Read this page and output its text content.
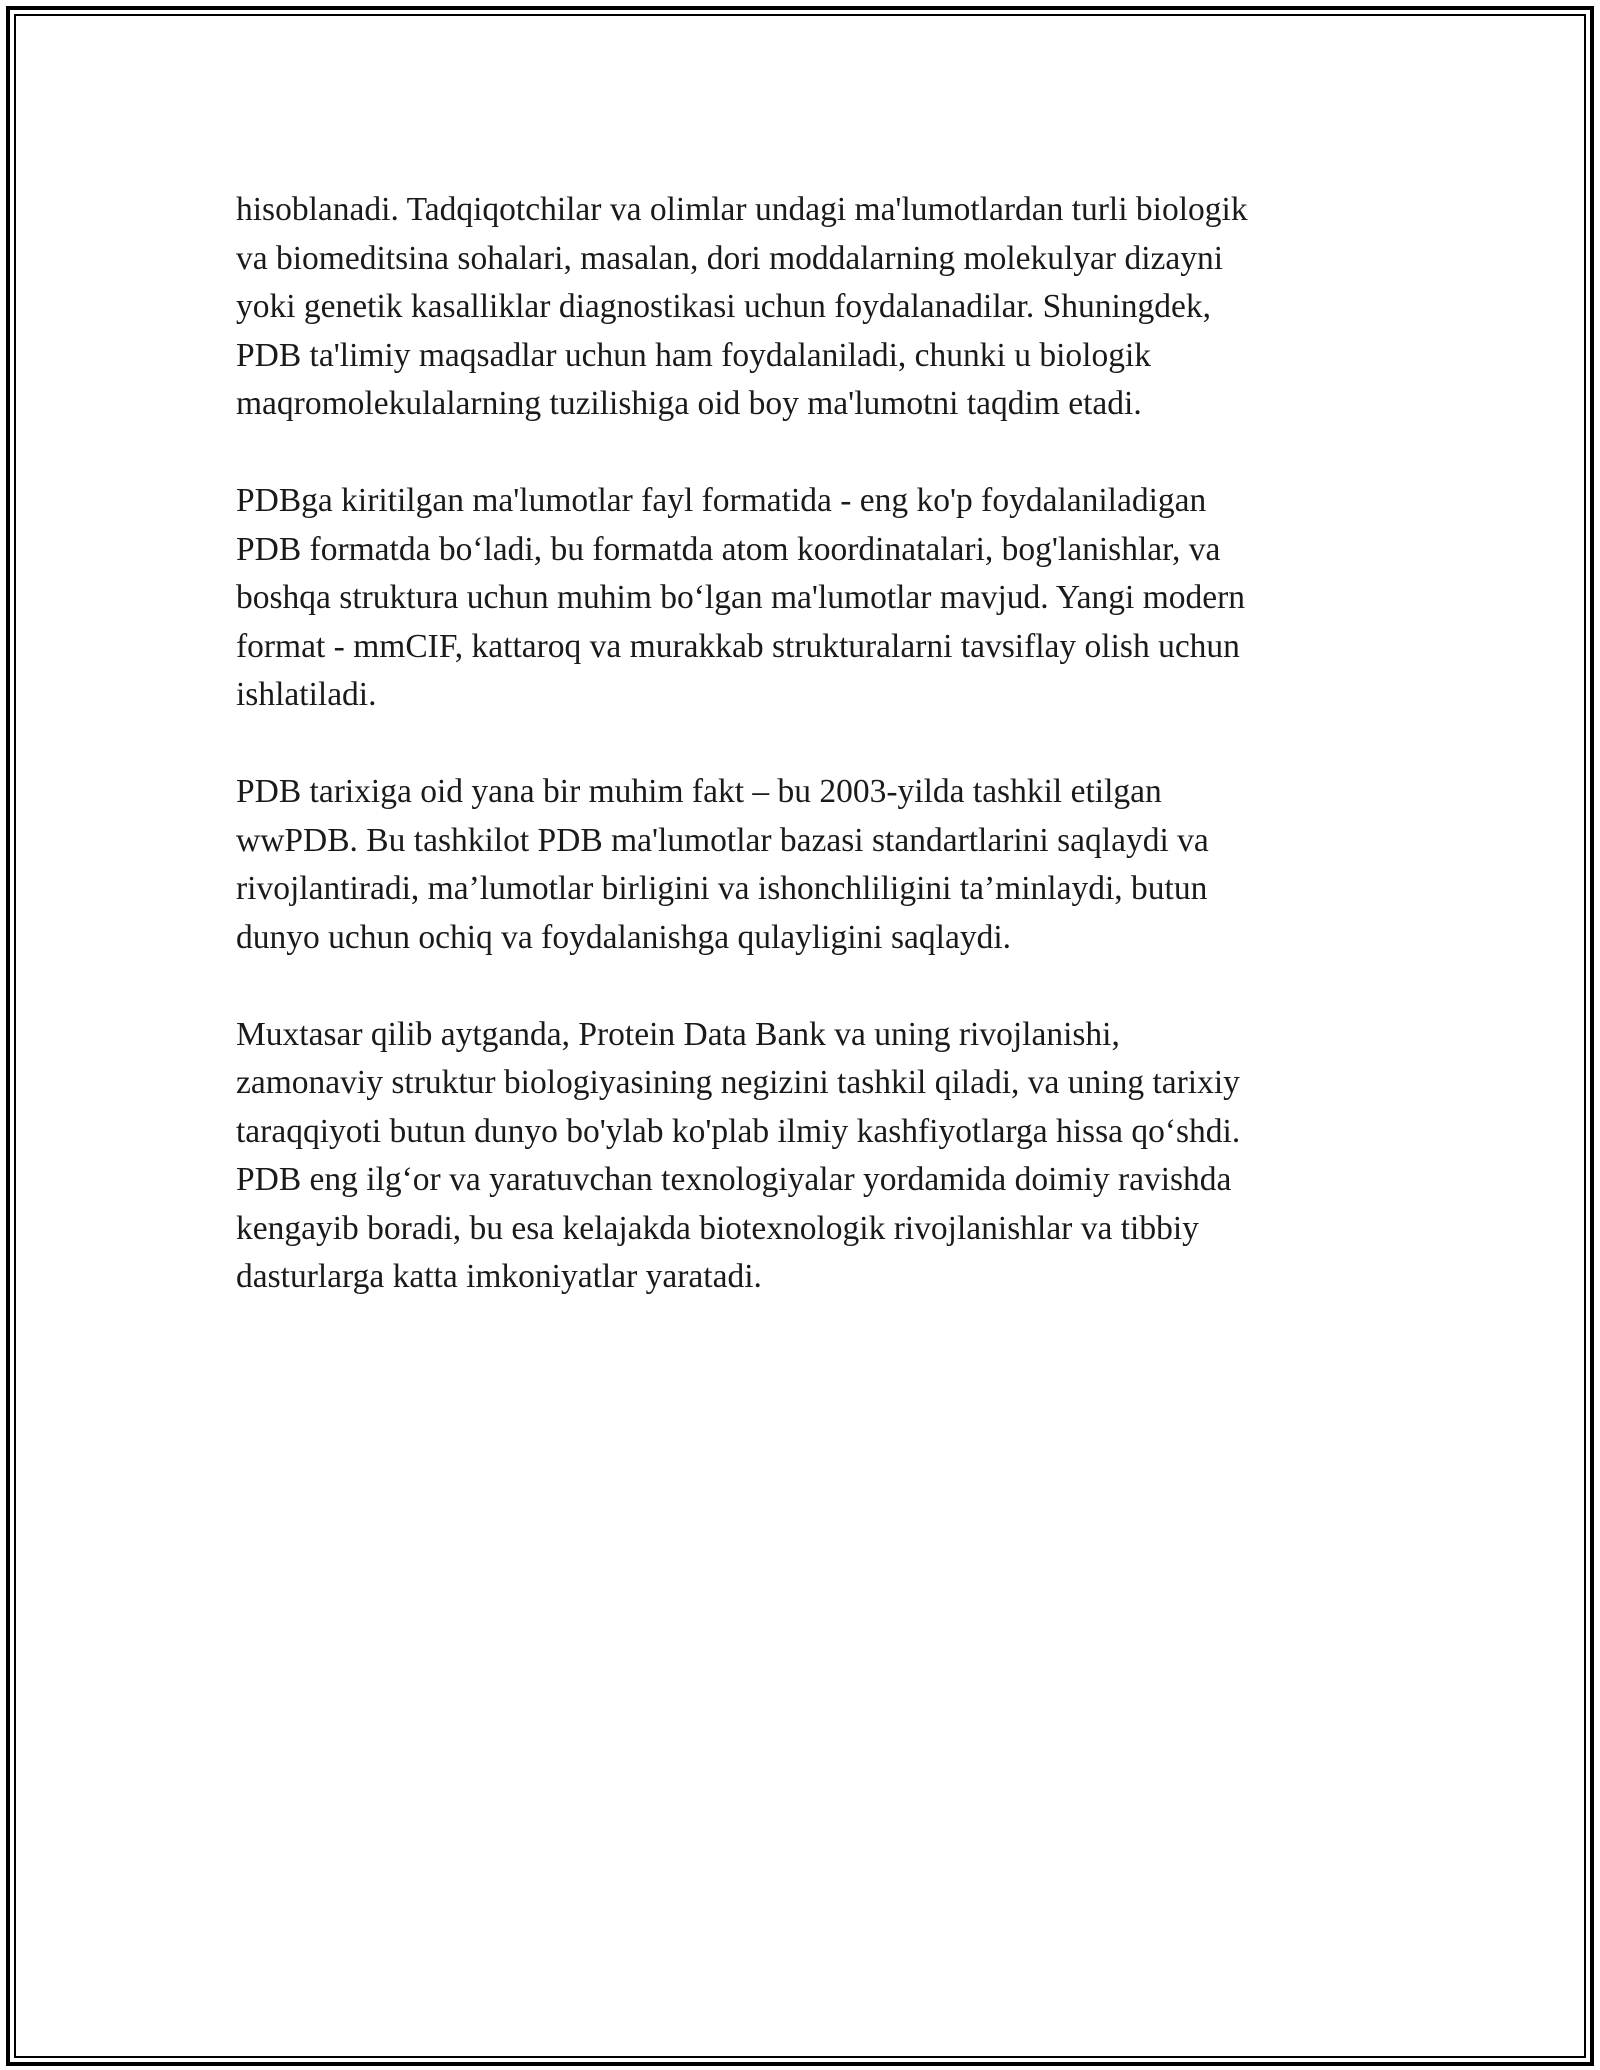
hisoblanadi. Tadqiqotchilar va olimlar undagi ma'lumotlardan turli biologik
va biomeditsina sohalari, masalan, dori moddalarning molekulyar dizayni
yoki genetik kasalliklar diagnostikasi uchun foydalanadilar. Shuningdek,
PDB ta'limiy maqsadlar uchun ham foydalaniladi, chunki u biologik
maqromolekulalarning tuzilishiga oid boy ma'lumotni taqdim etadi.

PDBga kiritilgan ma'lumotlar fayl formatida - eng ko'p foydalaniladigan
PDB formatda bo‘ladi, bu formatda atom koordinatalari, bog'lanishlar, va
boshqa struktura uchun muhim bo‘lgan ma'lumotlar mavjud. Yangi modern
format - mmCIF, kattaroq va murakkab strukturalarni tavsiflay olish uchun
ishlatiladi.

PDB tarixiga oid yana bir muhim fakt – bu 2003-yilda tashkil etilgan
wwPDB. Bu tashkilot PDB ma'lumotlar bazasi standartlarini saqlaydi va
rivojlantiradi, ma’lumotlar birligini va ishonchliligini ta’minlaydi, butun
dunyo uchun ochiq va foydalanishga qulayligini saqlaydi.

Muxtasar qilib aytganda, Protein Data Bank va uning rivojlanishi,
zamonaviy struktur biologiyasining negizini tashkil qiladi, va uning tarixiy
taraqqiyoti butun dunyo bo'ylab ko'plab ilmiy kashfiyotlarga hissa qo‘shdi.
PDB eng ilg‘or va yaratuvchan texnologiyalar yordamida doimiy ravishda
kengayib boradi, bu esa kelajakda biotexnologik rivojlanishlar va tibbiy
dasturlarga katta imkoniyatlar yaratadi.
